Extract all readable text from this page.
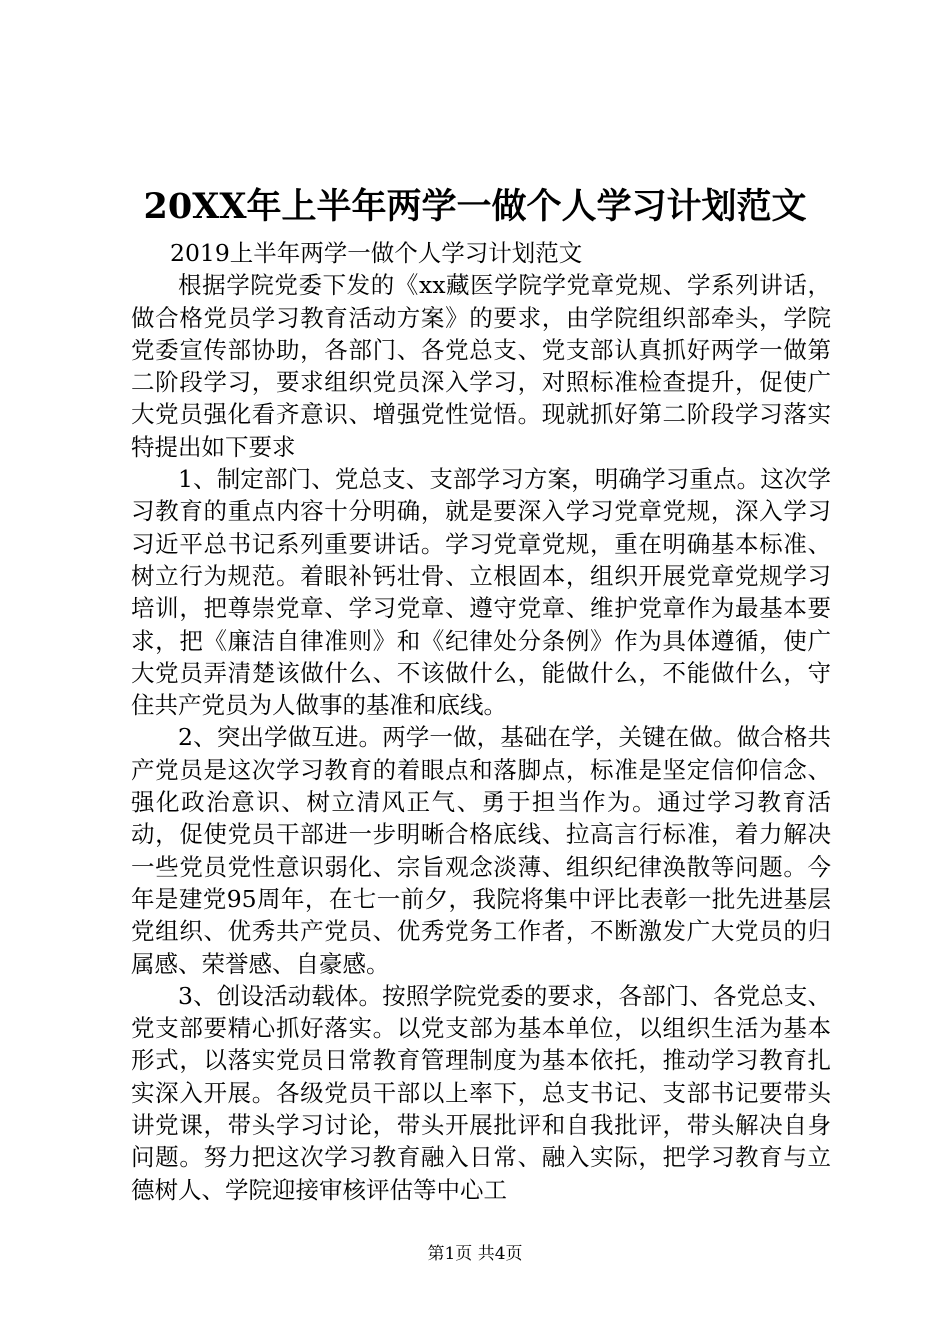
20XX年上半年两学一做个人学习计划范文

2019上半年两学一做个人学习计划范文

根据学院党委下发的《xx藏医学院学党章党规、学系列讲话，做合格党员学习教育活动方案》的要求，由学院组织部牵头，学院党委宣传部协助，各部门、各党总支、党支部认真抓好两学一做第二阶段学习，要求组织党员深入学习，对照标准检查提升，促使广大党员强化看齐意识、增强党性觉悟。现就抓好第二阶段学习落实特提出如下要求

1、制定部门、党总支、支部学习方案，明确学习重点。这次学习教育的重点内容十分明确，就是要深入学习党章党规，深入学习习近平总书记系列重要讲话。学习党章党规，重在明确基本标准、树立行为规范。着眼补钙壮骨、立根固本，组织开展党章党规学习培训，把尊崇党章、学习党章、遵守党章、维护党章作为最基本要求，把《廉洁自律准则》和《纪律处分条例》作为具体遵循，使广大党员弄清楚该做什么、不该做什么，能做什么，不能做什么，守住共产党员为人做事的基准和底线。

2、突出学做互进。两学一做，基础在学，关键在做。做合格共产党员是这次学习教育的着眼点和落脚点，标准是坚定信仰信念、强化政治意识、树立清风正气、勇于担当作为。通过学习教育活动，促使党员干部进一步明晰合格底线、拉高言行标准，着力解决一些党员党性意识弱化、宗旨观念淡薄、组织纪律涣散等问题。今年是建党95周年，在七一前夕，我院将集中评比表彰一批先进基层党组织、优秀共产党员、优秀党务工作者，不断激发广大党员的归属感、荣誉感、自豪感。

3、创设活动载体。按照学院党委的要求，各部门、各党总支、党支部要精心抓好落实。以党支部为基本单位，以组织生活为基本形式，以落实党员日常教育管理制度为基本依托，推动学习教育扎实深入开展。各级党员干部以上率下，总支书记、支部书记要带头讲党课，带头学习讨论，带头开展批评和自我批评，带头解决自身问题。努力把这次学习教育融入日常、融入实际，把学习教育与立德树人、学院迎接审核评估等中心工

第1页 共4页
